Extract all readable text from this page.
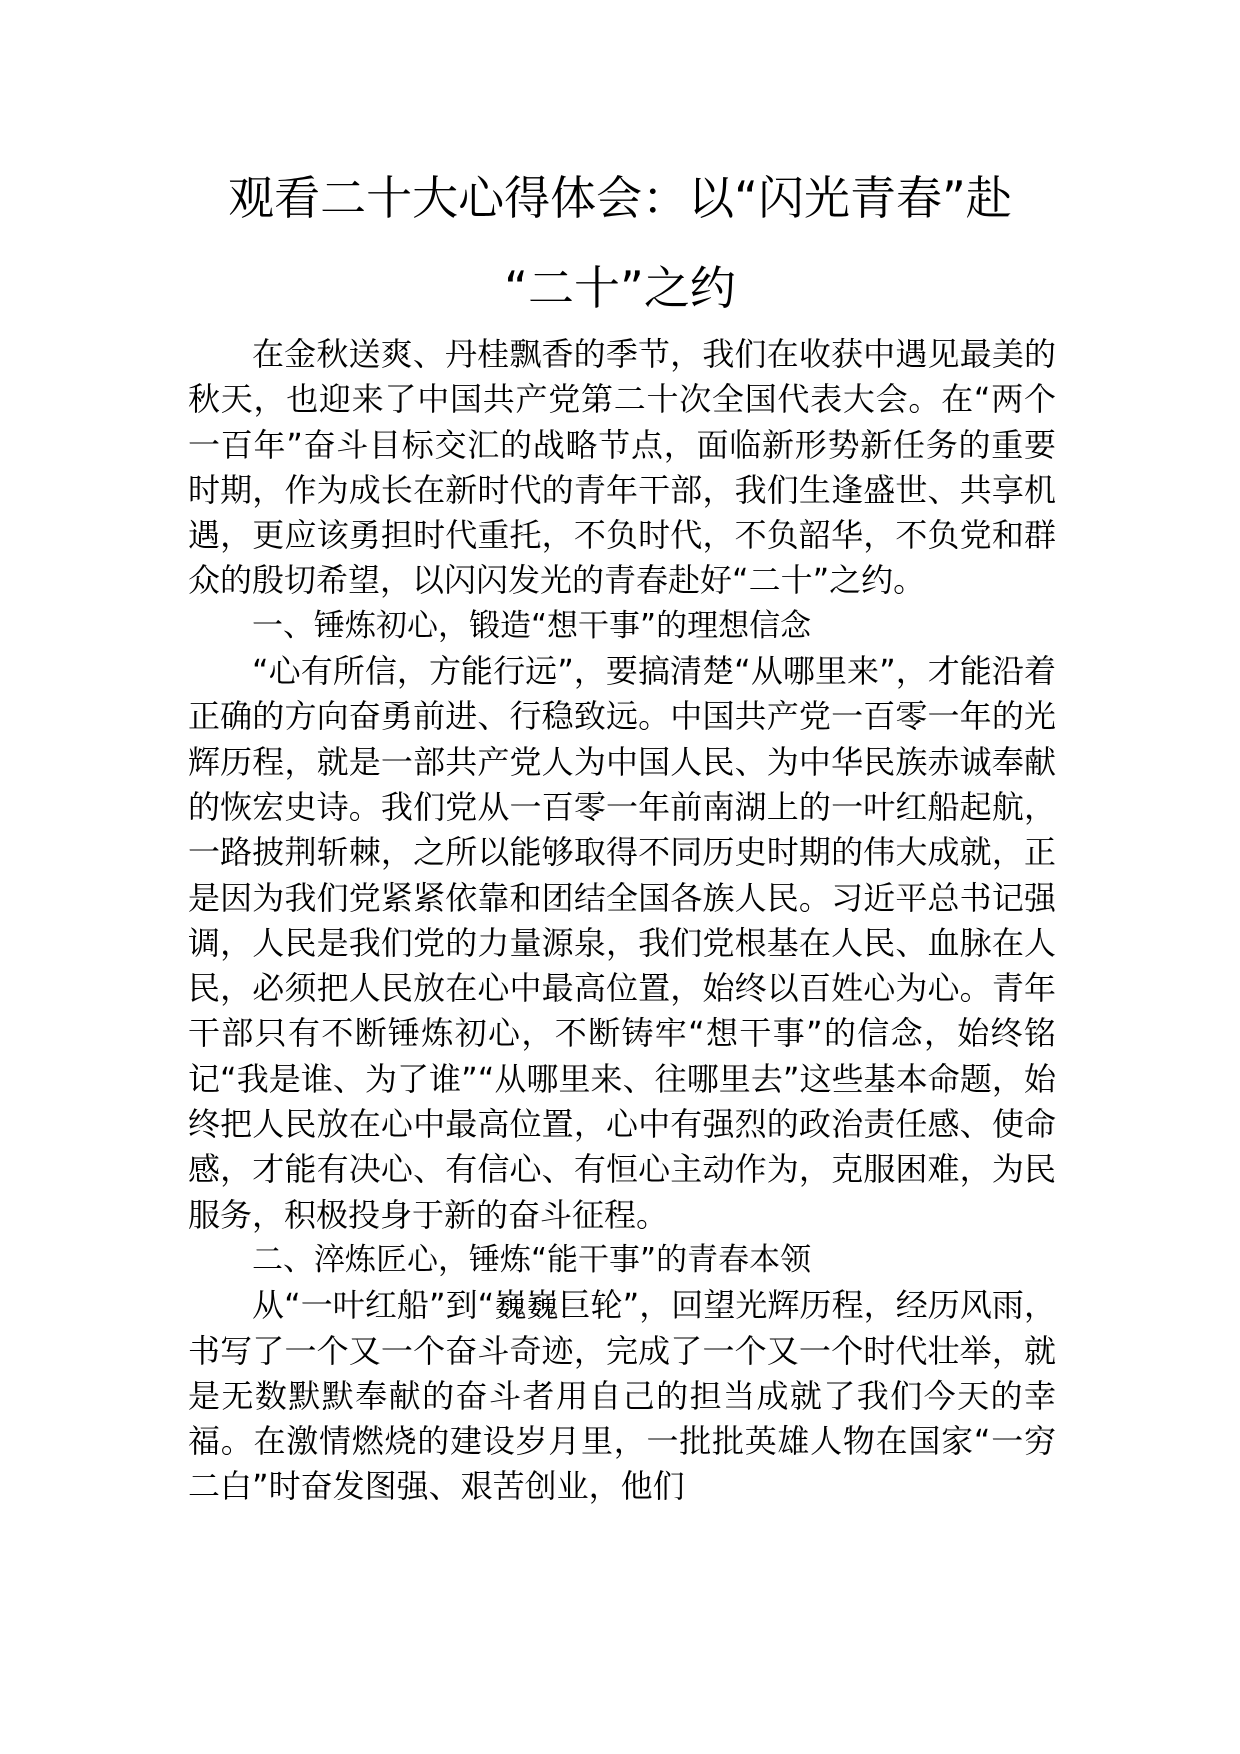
观看二十大心得体会：以“闪光青春”赴
“二十”之约

在金秋送爽、丹桂飘香的季节，我们在收获中遇见最美的秋天，也迎来了中国共产党第二十次全国代表大会。在“两个一百年”奋斗目标交汇的战略节点，面临新形势新任务的重要时期，作为成长在新时代的青年干部，我们生逢盛世、共享机遇，更应该勇担时代重托，不负时代，不负韶华，不负党和群众的殷切希望，以闪闪发光的青春赴好“二十”之约。

一、锤炼初心，锻造“想干事”的理想信念

“心有所信，方能行远”，要搞清楚“从哪里来”，才能沿着正确的方向奋勇前进、行稳致远。中国共产党一百零一年的光辉历程，就是一部共产党人为中国人民、为中华民族赤诚奉献的恢宏史诗。我们党从一百零一年前南湖上的一叶红船起航，一路披荆斩棘，之所以能够取得不同历史时期的伟大成就，正是因为我们党紧紧依靠和团结全国各族人民。习近平总书记强调，人民是我们党的力量源泉，我们党根基在人民、血脉在人民，必须把人民放在心中最高位置，始终以百姓心为心。青年干部只有不断锤炼初心，不断铸牢“想干事”的信念，始终铭记“我是谁、为了谁”“从哪里来、往哪里去”这些基本命题，始终把人民放在心中最高位置，心中有强烈的政治责任感、使命感，才能有决心、有信心、有恒心主动作为，克服困难，为民服务，积极投身于新的奋斗征程。

二、淬炼匠心，锤炼“能干事”的青春本领

从“一叶红船”到“巍巍巨轮”，回望光辉历程，经历风雨，书写了一个又一个奋斗奇迹，完成了一个又一个时代壮举，就是无数默默奉献的奋斗者用自己的担当成就了我们今天的幸福。在激情燃烧的建设岁月里，一批批英雄人物在国家“一穷二白”时奋发图强、艰苦创业，他们
